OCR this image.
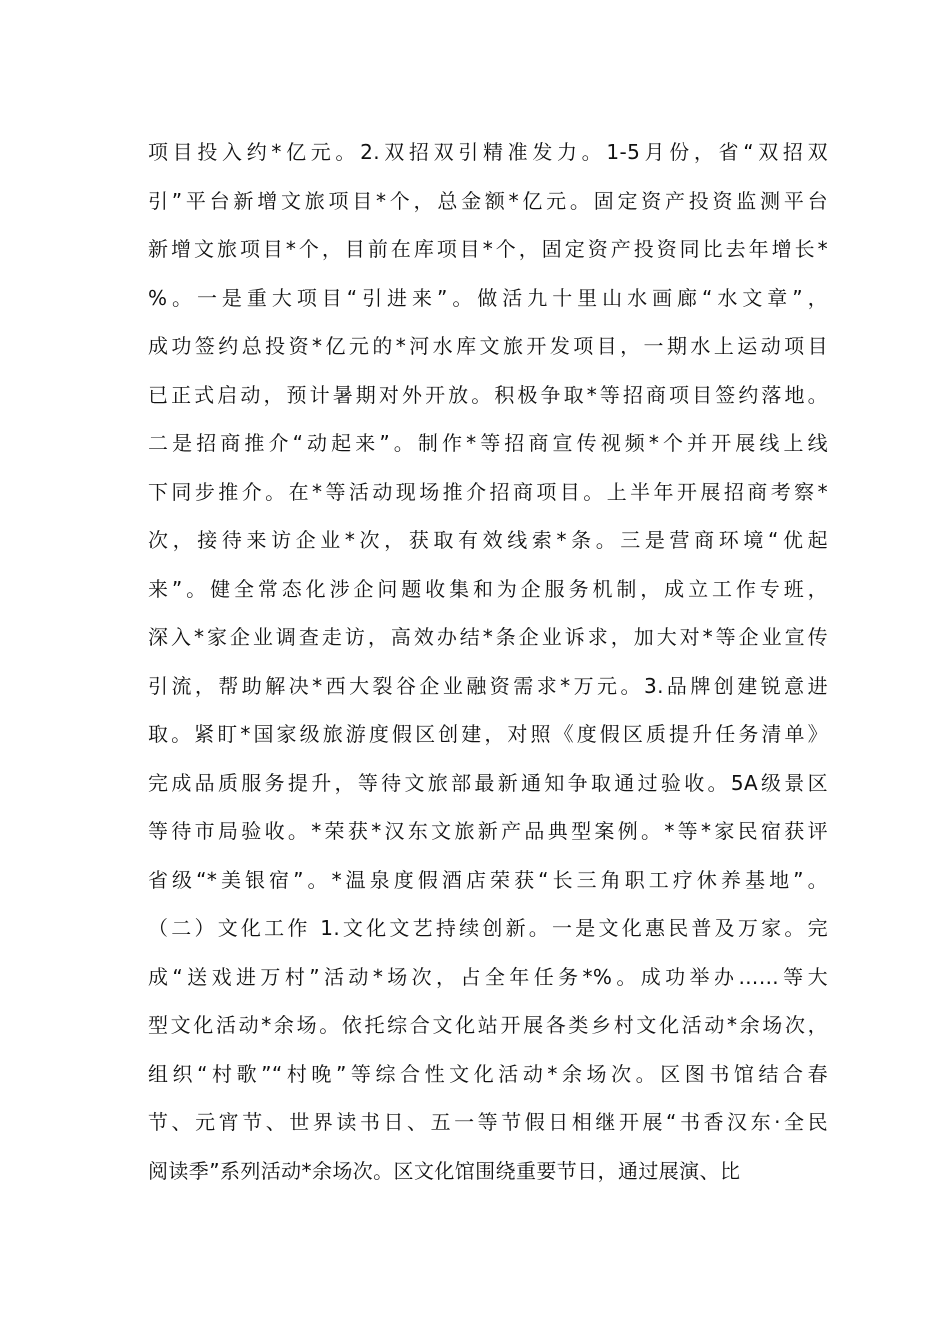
项目投入约*亿元。2.双招双引精准发力。1-5月份，省“双招双
引”平台新增文旅项目*个，总金额*亿元。固定资产投资监测平台
新增文旅项目*个，目前在库项目*个，固定资产投资同比去年增长*
%。一是重大项目“引进来”。做活九十里山水画廊“水文章”，
成功签约总投资*亿元的*河水库文旅开发项目，一期水上运动项目
已正式启动，预计暑期对外开放。积极争取*等招商项目签约落地。
二是招商推介“动起来”。制作*等招商宣传视频*个并开展线上线
下同步推介。在*等活动现场推介招商项目。上半年开展招商考察*
次，接待来访企业*次，获取有效线索*条。三是营商环境“优起
来”。健全常态化涉企问题收集和为企服务机制，成立工作专班，
深入*家企业调查走访，高效办结*条企业诉求，加大对*等企业宣传
引流，帮助解决*西大裂谷企业融资需求*万元。3.品牌创建锐意进
取。紧盯*国家级旅游度假区创建，对照《度假区质提升任务清单》
完成品质服务提升，等待文旅部最新通知争取通过验收。5A级景区
等待市局验收。*荣获*汉东文旅新产品典型案例。*等*家民宿获评
省级“*美银宿”。*温泉度假酒店荣获“长三角职工疗休养基地”。
（二）文化工作 1.文化文艺持续创新。一是文化惠民普及万家。完
成“送戏进万村”活动*场次，占全年任务*%。成功举办……等大
型文化活动*余场。依托综合文化站开展各类乡村文化活动*余场次，
组织“村歌”“村晚”等综合性文化活动*余场次。区图书馆结合春
节、元宵节、世界读书日、五一等节假日相继开展“书香汉东·全民
阅读季”系列活动*余场次。区文化馆围绕重要节日，通过展演、比
